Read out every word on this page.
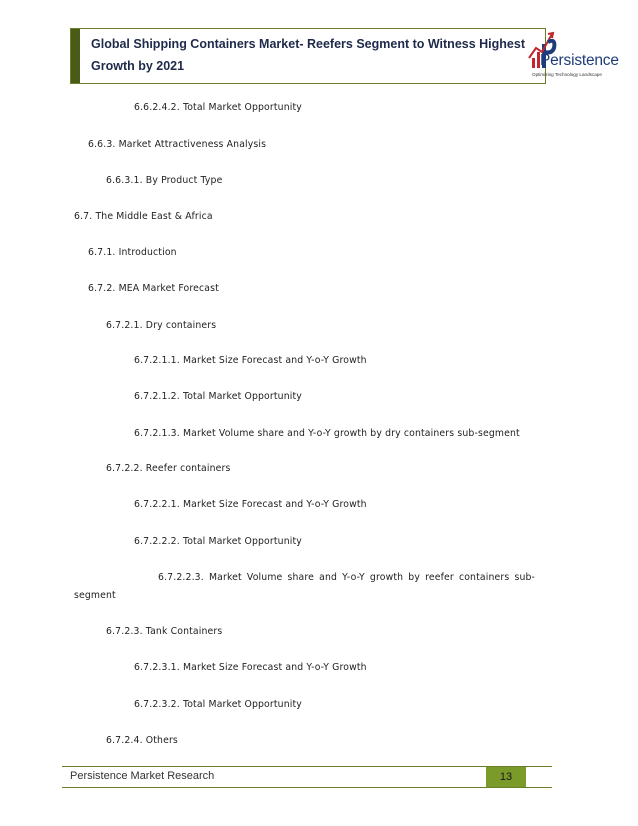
Global Shipping Containers Market- Reefers Segment to Witness Highest
Growth by 2021	Persistence
Optimizing Technology Landscape
6.6.2.4.2. Total Market Opportunity
6.6.3. Market Attractiveness Analysis
6.6.3.1. By Product Type
6.7. The Middle East & Africa
6.7.1. Introduction
6.7.2. MEA Market Forecast
6.7.2.1. Dry containers
6.7.2.1.1. Market Size Forecast and Y-o-Y Growth
6.7.2.1.2. Total Market Opportunity
6.7.2.1.3. Market Volume share and Y-o-Y growth by dry containers sub-segment
6.7.2.2. Reefer containers
6.7.2.2.1. Market Size Forecast and Y-o-Y Growth
6.7.2.2.2. Total Market Opportunity
6.7.2.2.3. Market Volume share and Y-o-Y growth by reefer containers sub-
segment
6.7.2.3. Tank Containers
6.7.2.3.1. Market Size Forecast and Y-o-Y Growth
6.7.2.3.2. Total Market Opportunity
6.7.2.4. Others
Persistence Market Research	13
